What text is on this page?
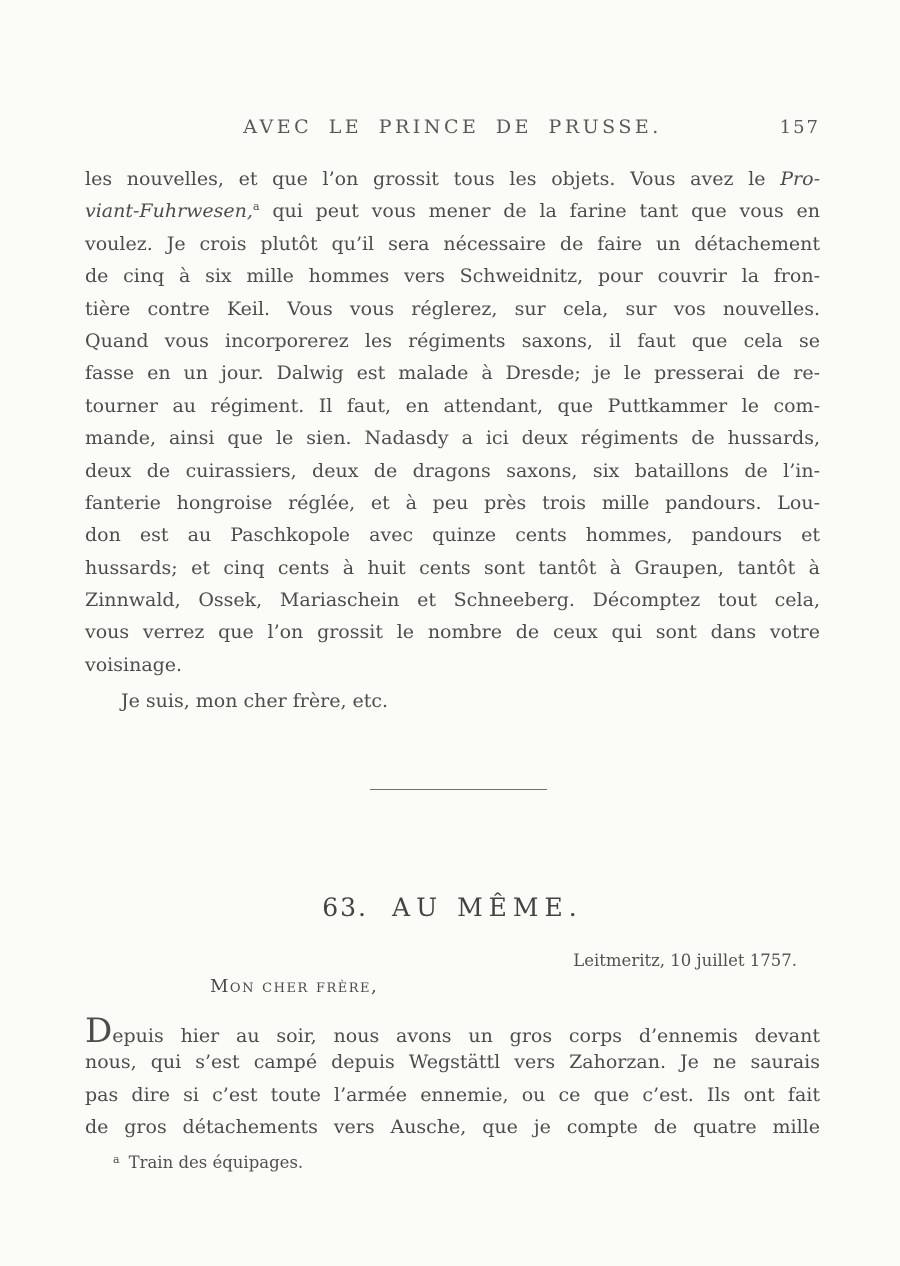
AVEC LE PRINCE DE PRUSSE.	157
les nouvelles, et que l’on grossit tous les objets. Vous avez le Pro-
viant-Fuhrwesen,$^a$ qui peut vous mener de la farine tant que vous en
voulez. Je crois plutôt qu’il sera nécessaire de faire un détachement
de cinq à six mille hommes vers Schweidnitz, pour couvrir la fron-
tière contre Keil. Vous vous réglerez, sur cela, sur vos nouvelles.
Quand vous incorporerez les régiments saxons, il faut que cela se
fasse en un jour. Dalwig est malade à Dresde; je le presserai de re-
tourner au régiment. Il faut, en attendant, que Puttkammer le com-
mande, ainsi que le sien. Nadasdy a ici deux régiments de hussards,
deux de cuirassiers, deux de dragons saxons, six bataillons de l’in-
fanterie hongroise réglée, et à peu près trois mille pandours. Lou-
don est au Paschkopole avec quinze cents hommes, pandours et
hussards; et cinq cents à huit cents sont tantôt à Graupen, tantôt à
Zinnwald, Ossek, Mariaschein et Schneeberg. Décomptez tout cela,
vous verrez que l’on grossit le nombre de ceux qui sont dans votre
voisinage.
Je suis, mon cher frère, etc.
63. AU MÊME.
Leitmeritz, 10 juillet 1757.
Mon cher frère,
Depuis hier au soir, nous avons un gros corps d’ennemis devant
nous, qui s’est campé depuis Wegstättl vers Zahorzan. Je ne saurais
pas dire si c’est toute l’armée ennemie, ou ce que c’est. Ils ont fait
de gros détachements vers Ausche, que je compte de quatre mille
$^a$ Train des équipages.
